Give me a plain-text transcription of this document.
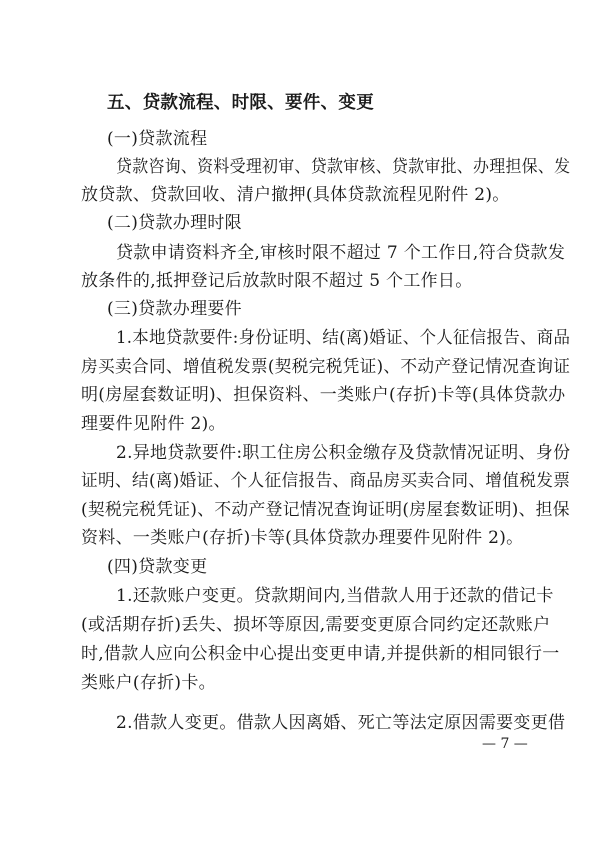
五、贷款流程、时限、要件、变更
(一)贷款流程
贷款咨询、资料受理初审、贷款审核、贷款审批、办理担保、发
放贷款、贷款回收、清户撤押(具体贷款流程见附件 2)。
(二)贷款办理时限
贷款申请资料齐全,审核时限不超过 7 个工作日,符合贷款发
放条件的,抵押登记后放款时限不超过 5 个工作日。
(三)贷款办理要件
1.本地贷款要件:身份证明、结(离)婚证、个人征信报告、商品
房买卖合同、增值税发票(契税完税凭证)、不动产登记情况查询证
明(房屋套数证明)、担保资料、一类账户(存折)卡等(具体贷款办
理要件见附件 2)。
2.异地贷款要件:职工住房公积金缴存及贷款情况证明、身份
证明、结(离)婚证、个人征信报告、商品房买卖合同、增值税发票
(契税完税凭证)、不动产登记情况查询证明(房屋套数证明)、担保
资料、一类账户(存折)卡等(具体贷款办理要件见附件 2)。
(四)贷款变更
1.还款账户变更。贷款期间内,当借款人用于还款的借记卡
(或活期存折)丢失、损坏等原因,需要变更原合同约定还款账户
时,借款人应向公积金中心提出变更申请,并提供新的相同银行一
类账户(存折)卡。
2.借款人变更。借款人因离婚、死亡等法定原因需要变更借
— 7 —
